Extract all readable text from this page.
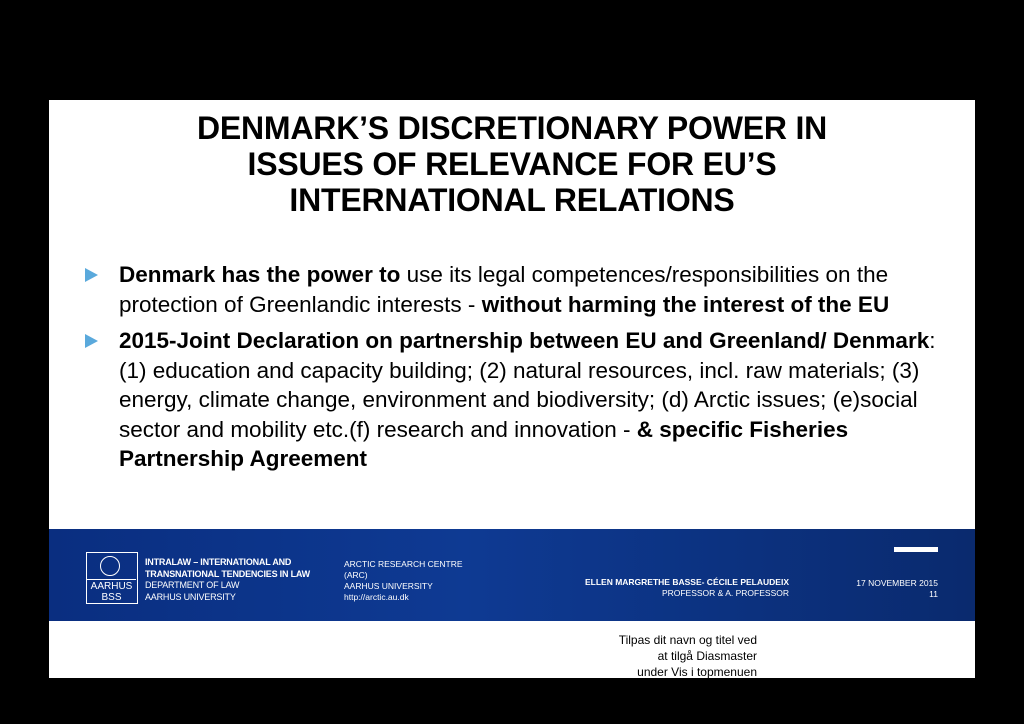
DENMARK’S DISCRETIONARY POWER IN
ISSUES OF RELEVANCE FOR EU’S
INTERNATIONAL RELATIONS
Denmark has the power to use its legal competences/responsibilities on the protection of Greenlandic interests - without harming the interest of the EU
2015-Joint Declaration on partnership between EU and Greenland/ Denmark: (1) education and capacity building; (2) natural resources, incl. raw materials; (3) energy, climate change, environment and biodiversity; (d) Arctic issues; (e)social sector and mobility etc.(f) research and innovation - & specific Fisheries Partnership Agreement
AARHUS
BSS
INTRALAW – INTERNATIONAL AND
TRANSNATIONAL TENDENCIES IN LAW
DEPARTMENT OF LAW
AARHUS UNIVERSITY
ARCTIC RESEARCH CENTRE
(ARC)
AARHUS UNIVERSITY
http://arctic.au.dk
ELLEN MARGRETHE BASSE- CÉCILE PELAUDEIX
PROFESSOR & A. PROFESSOR
17 NOVEMBER 2015
11
Tilpas dit navn og titel ved
at tilgå Diasmaster
under Vis i topmenuen
